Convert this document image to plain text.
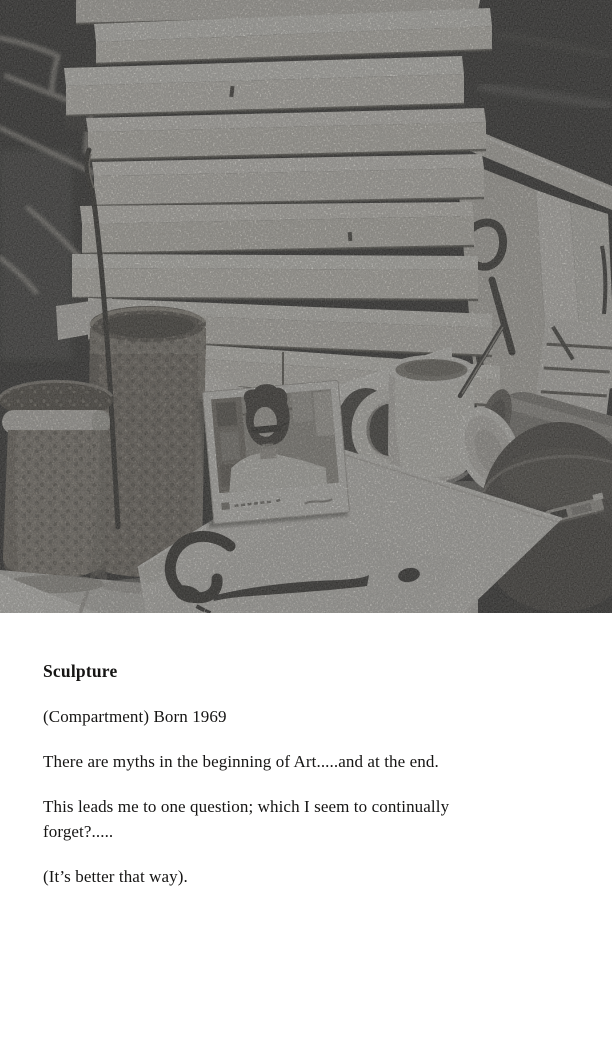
Sculpture

(Compartment) Born 1969

There are myths in the beginning of Art.....and at the end.

This leads me to one question; which I seem to continually
forget?.....

(It’s better that way).
